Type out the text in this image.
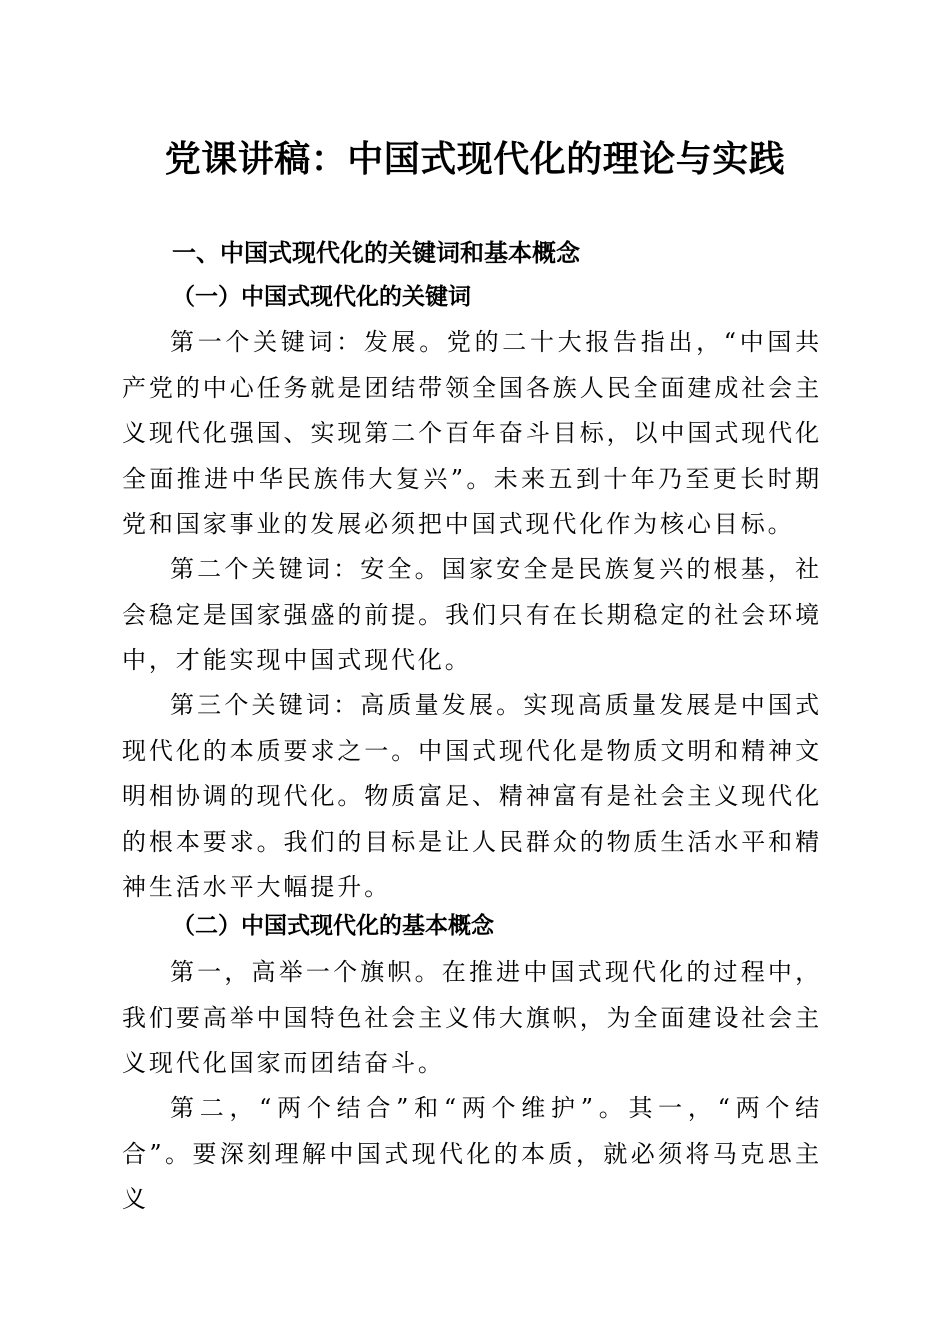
党课讲稿：中国式现代化的理论与实践
一、中国式现代化的关键词和基本概念
（一）中国式现代化的关键词

第一个关键词：发展。党的二十大报告指出，“中国共产党的中心任务就是团结带领全国各族人民全面建成社会主义现代化强国、实现第二个百年奋斗目标，以中国式现代化全面推进中华民族伟大复兴”。未来五到十年乃至更长时期党和国家事业的发展必须把中国式现代化作为核心目标。

第二个关键词：安全。国家安全是民族复兴的根基，社会稳定是国家强盛的前提。我们只有在长期稳定的社会环境中，才能实现中国式现代化。

第三个关键词：高质量发展。实现高质量发展是中国式现代化的本质要求之一。中国式现代化是物质文明和精神文明相协调的现代化。物质富足、精神富有是社会主义现代化的根本要求。我们的目标是让人民群众的物质生活水平和精神生活水平大幅提升。

（二）中国式现代化的基本概念

第一，高举一个旗帜。在推进中国式现代化的过程中，我们要高举中国特色社会主义伟大旗帜，为全面建设社会主义现代化国家而团结奋斗。

第二，“两个结合”和“两个维护”。其一，“两个结合”。要深刻理解中国式现代化的本质，就必须将马克思主义
